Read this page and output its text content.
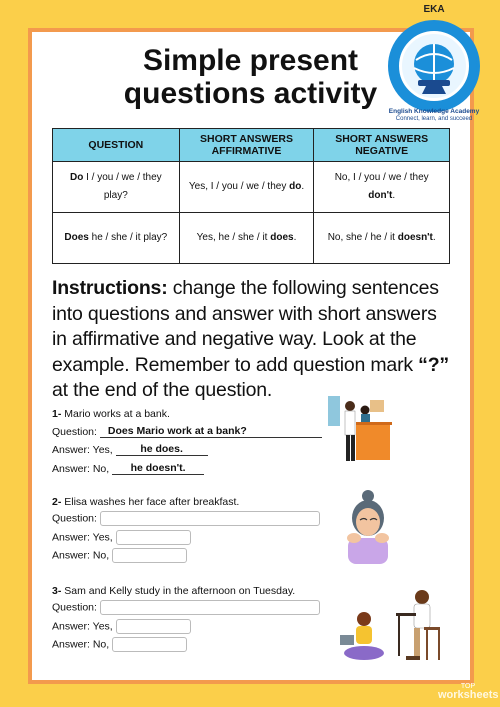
EKA
Simple present
questions activity
English Knowledge Academy
Connect, learn, and succeed
QUESTION	SHORT ANSWERS AFFIRMATIVE	SHORT ANSWERS NEGATIVE
Do I / you / we / they play?	Yes, I / you / we / they do.	No, I / you / we / they don't.
Does he / she / it play?	Yes, he / she / it does.	No, she / he / it doesn't.
Instructions: change the following sentences into questions and answer with short answers in affirmative and negative way. Look at the example. Remember to add question mark “?” at the end of the question.
1- Mario works at a bank.
Question: Does Mario work at a bank?
Answer: Yes,	he does.
Answer: No, he doesn't.
2- Elisa washes her face after breakfast.
Question:
Answer: Yes,
Answer: No,
3- Sam and Kelly study in the afternoon on Tuesday.
Question:
Answer: Yes,
Answer: No,
TOP
worksheets
